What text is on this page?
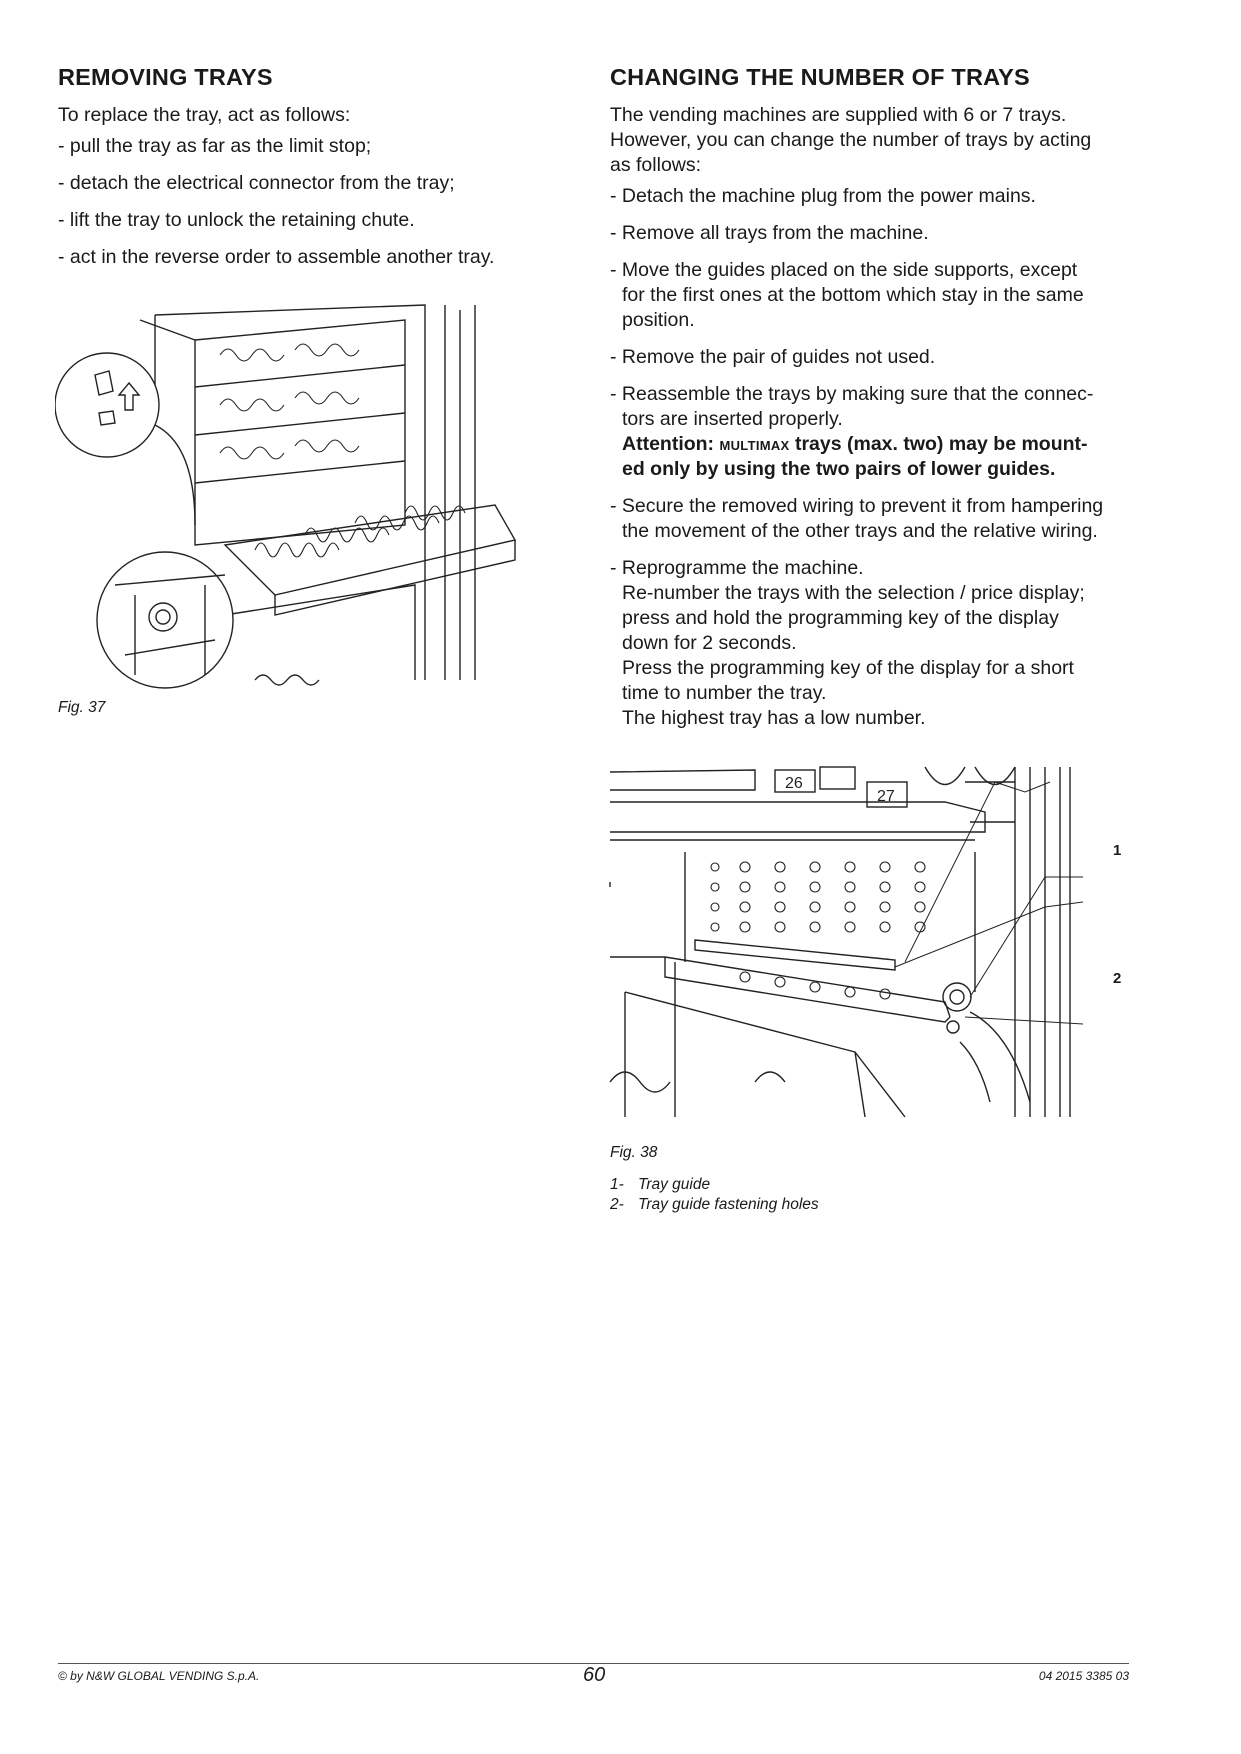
REMOVING TRAYS

To replace the tray, act as follows:

- pull the tray as far as the limit stop;

- detach the electrical connector from the tray;

- lift the tray to unlock the retaining chute.

- act in the reverse order to assemble another tray.

Fig. 37

CHANGING THE NUMBER OF TRAYS

The vending machines are supplied with 6 or 7 trays.

However, you can change the number of trays by acting

as follows:

- Detach the machine plug from the power mains.

- Remove all trays from the machine.

- Move the guides placed on the side supports, except

for the first ones at the bottom which stay in the same

position.

- Remove the pair of guides not used.

- Reassemble the trays by making sure that the connec-

tors are inserted properly.

Attention: MULTIMAX trays (max. two) may be mount-

ed only by using the two pairs of lower guides.

- Secure the removed wiring to prevent it from hampering

the movement of the other trays and the relative wiring.

- Reprogramme the machine.

Re-number the trays with the selection / price display;

press and hold the programming key of the display

down for 2 seconds.

Press the programming key of the display for a short

time to number the tray.

The highest tray has a low number.

Fig. 38

1- Tray guide

2- Tray guide fastening holes

26
27
1
2
© by N&W GLOBAL VENDING S.p.A.	60	04 2015 3385 03
